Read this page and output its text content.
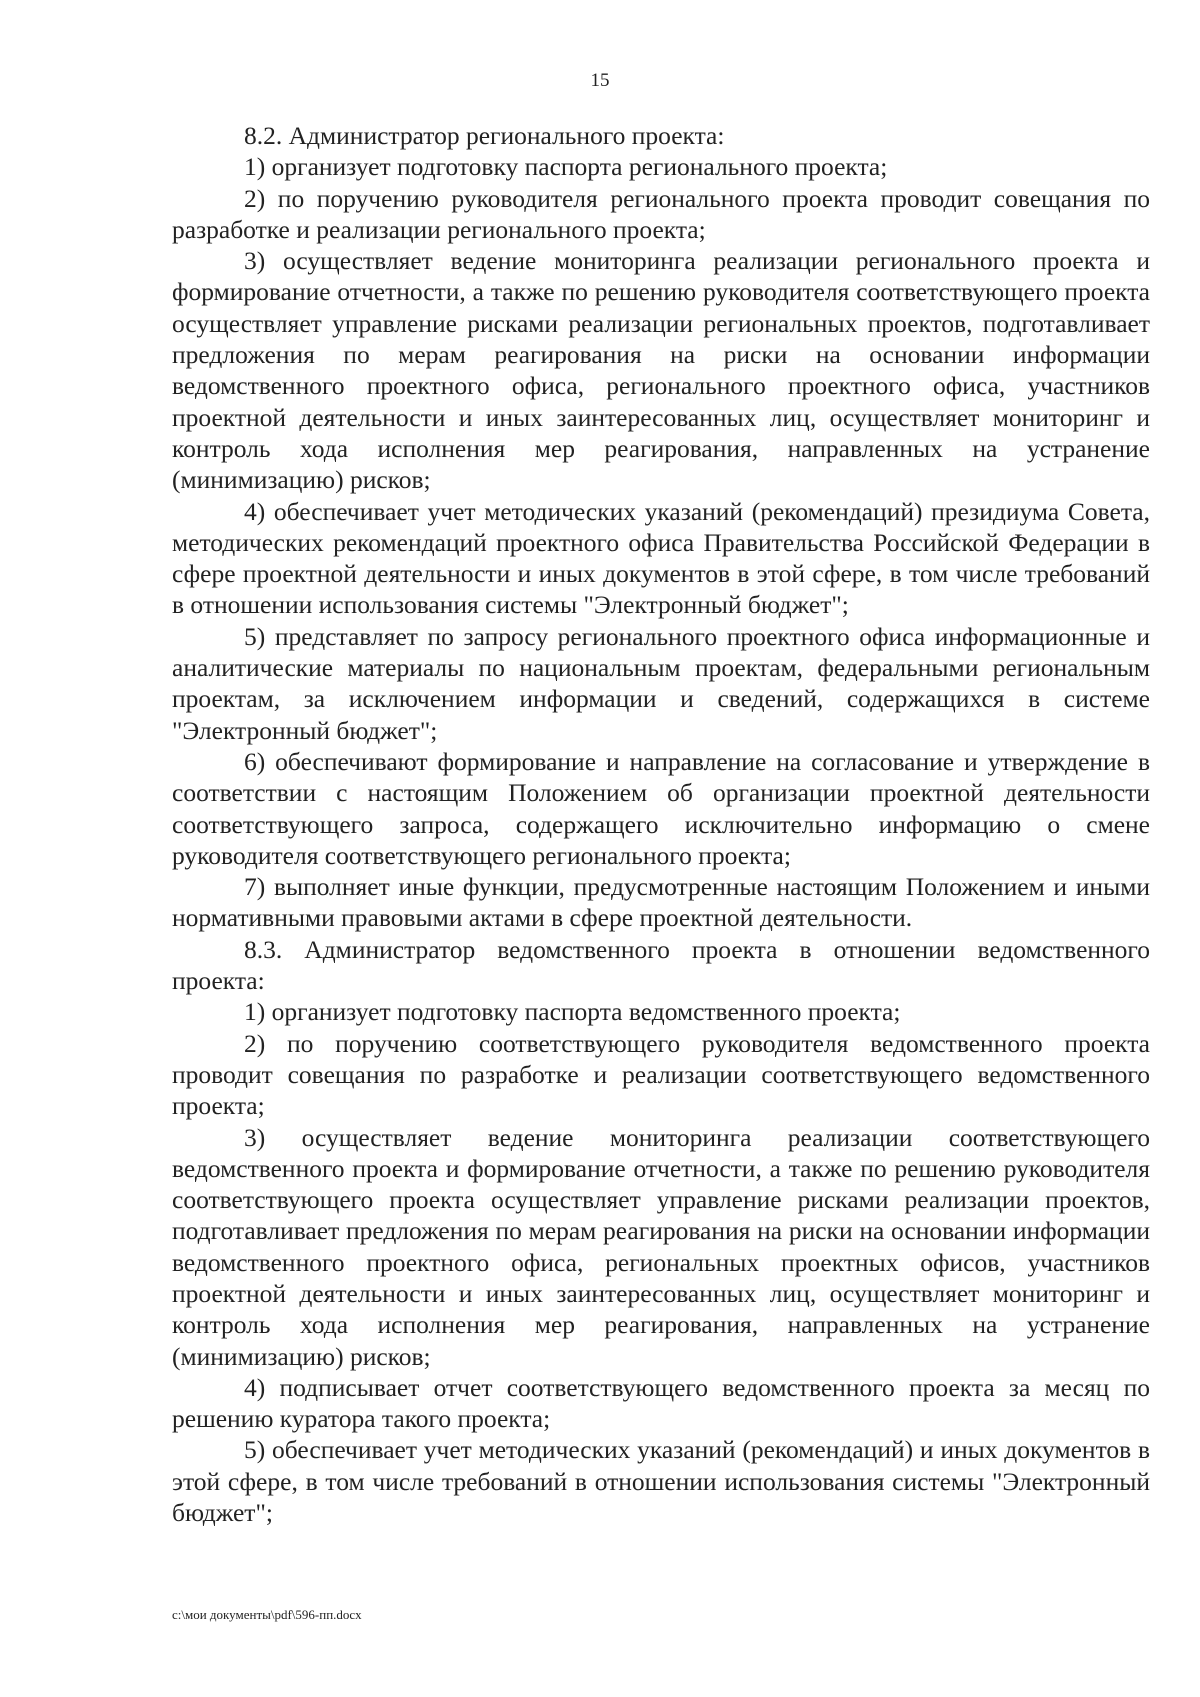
15

8.2. Администратор регионального проекта:

1) организует подготовку паспорта регионального проекта;

2) по поручению руководителя регионального проекта проводит совещания по разработке и реализации регионального проекта;

3) осуществляет ведение мониторинга реализации регионального проекта и формирование отчетности, а также по решению руководителя соответствующего проекта осуществляет управление рисками реализации региональных проектов, подготавливает предложения по мерам реагирования на риски на основании информации ведомственного проектного офиса, регионального проектного офиса, участников проектной деятельности и иных заинтересованных лиц, осуществляет мониторинг и контроль хода исполнения мер реагирования, направленных на устранение (минимизацию) рисков;

4) обеспечивает учет методических указаний (рекомендаций) президиума Совета, методических рекомендаций проектного офиса Правительства Российской Федерации в сфере проектной деятельности и иных документов в этой сфере, в том числе требований в отношении использования системы "Электронный бюджет";

5) представляет по запросу регионального проектного офиса информационные и аналитические материалы по национальным проектам, федеральными региональным проектам, за исключением информации и сведений, содержащихся в системе "Электронный бюджет";

6) обеспечивают формирование и направление на согласование и утверждение в соответствии с настоящим Положением об организации проектной деятельности соответствующего запроса, содержащего исключительно информацию о смене руководителя соответствующего регионального проекта;

7) выполняет иные функции, предусмотренные настоящим Положением и иными нормативными правовыми актами в сфере проектной деятельности.

8.3. Администратор ведомственного проекта в отношении ведомственного проекта:

1) организует подготовку паспорта ведомственного проекта;

2) по поручению соответствующего руководителя ведомственного проекта проводит совещания по разработке и реализации соответствующего ведомственного проекта;

3) осуществляет ведение мониторинга реализации соответствующего ведомственного проекта и формирование отчетности, а также по решению руководителя соответствующего проекта осуществляет управление рисками реализации проектов, подготавливает предложения по мерам реагирования на риски на основании информации ведомственного проектного офиса, региональных проектных офисов, участников проектной деятельности и иных заинтересованных лиц, осуществляет мониторинг и контроль хода исполнения мер реагирования, направленных на устранение (минимизацию) рисков;

4) подписывает отчет соответствующего ведомственного проекта за месяц по решению куратора такого проекта;

5) обеспечивает учет методических указаний (рекомендаций) и иных документов в этой сфере, в том числе требований в отношении использования системы "Электронный бюджет";

c:\мои документы\pdf\596-пп.docx
